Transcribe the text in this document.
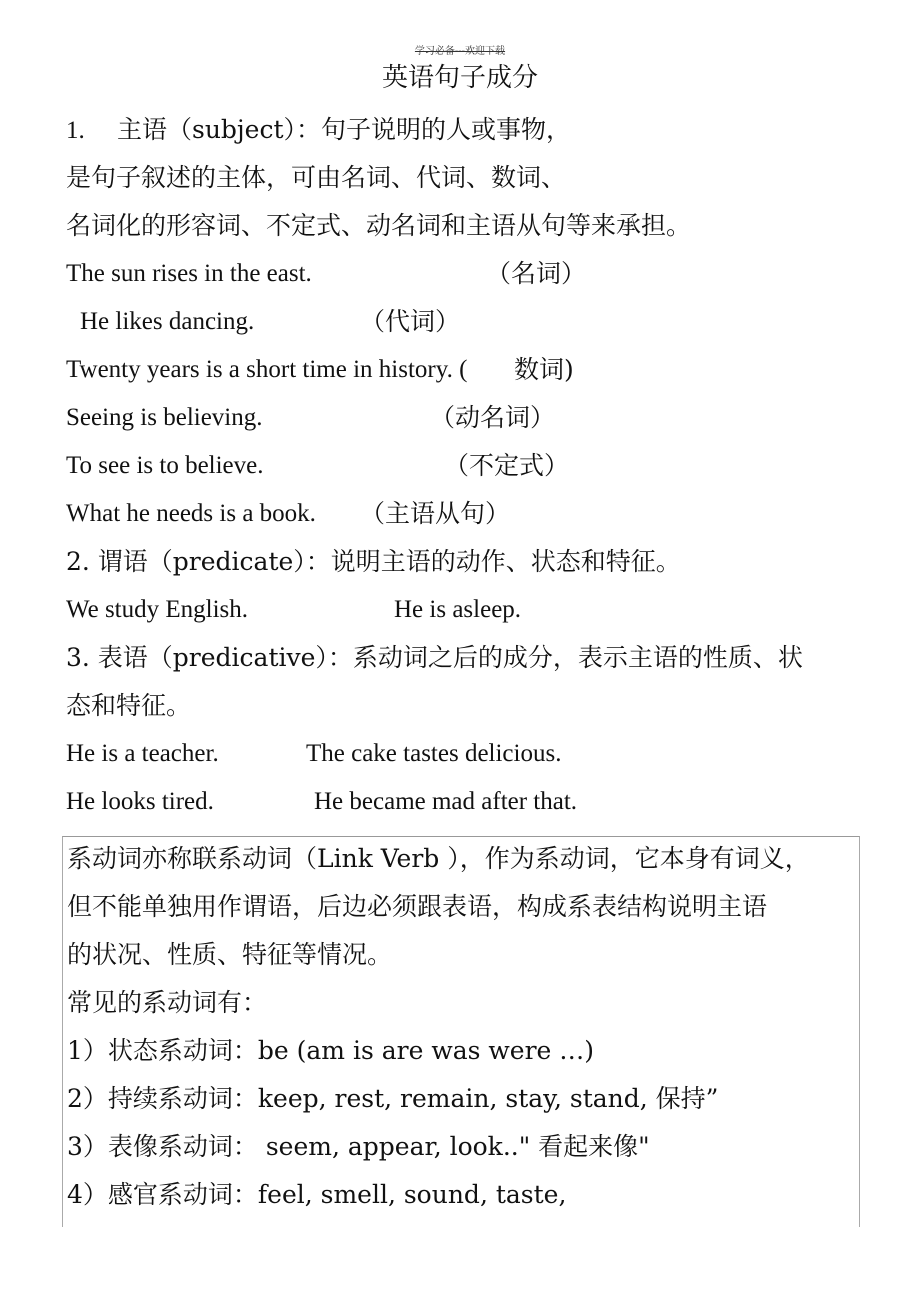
学习必备---欢迎下载
英语句子成分
1. 主语（subject）：句子说明的人或事物，
是句子叙述的主体，可由名词、代词、数词、
名词化的形容词、不定式、动名词和主语从句等来承担。
The sun rises in the east.	（名词）
He likes dancing.	（代词）
Twenty years is a short time in history. ( 数词)
Seeing is believing.	（动名词）
To see is to believe.	（不定式）
What he needs is a book. （主语从句）
2. 谓语（predicate）：说明主语的动作、状态和特征。
We study English.	He is asleep.
3. 表语（predicative）：系动词之后的成分，表示主语的性质、状
态和特征。
He is a teacher.	The cake tastes delicious.
He looks tired.	He became mad after that.
系动词亦称联系动词（Link Verb ），作为系动词，它本身有词义，
但不能单独用作谓语，后边必须跟表语，构成系表结构说明主语
的状况、性质、特征等情况。
常见的系动词有：
1）状态系动词：be (am is are was were …)
2）持续系动词：keep, rest, remain, stay, stand, 保持”
3）表像系动词： seem, appear, look.." 看起来像"
4）感官系动词：feel, smell, sound, taste,
